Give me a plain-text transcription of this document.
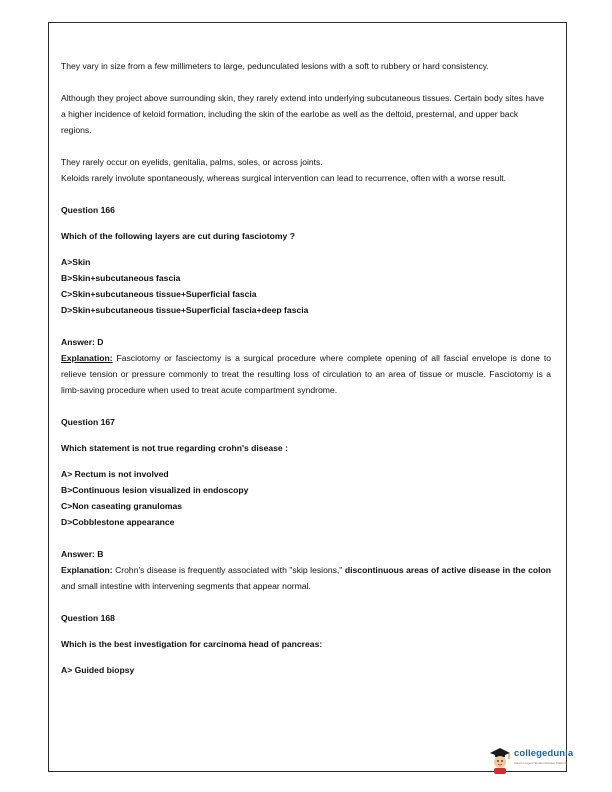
They vary in size from a few millimeters to large, pedunculated lesions with a soft to rubbery or hard consistency.

Although they project above surrounding skin, they rarely extend into underlying subcutaneous tissues. Certain body sites have a higher incidence of keloid formation, including the skin of the earlobe as well as the deltoid, presternal, and upper back regions.

They rarely occur on eyelids, genitalia, palms, soles, or across joints.

Keloids rarely involute spontaneously, whereas surgical intervention can lead to recurrence, often with a worse result.

Question 166

Which of the following layers are cut during fasciotomy ?

A>Skin

B>Skin+subcutaneous fascia

C>Skin+subcutaneous tissue+Superficial fascia

D>Skin+subcutaneous tissue+Superficial fascia+deep fascia

Answer: D

Explanation: Fasciotomy or fasciectomy is a surgical procedure where complete opening of all fascial envelope is done to relieve tension or pressure commonly to treat the resulting loss of circulation to an area of tissue or muscle. Fasciotomy is a limb-saving procedure when used to treat acute compartment syndrome.

Question 167

Which statement is not true regarding crohn's disease :

A> Rectum is not involved

B>Continuous lesion visualized in endoscopy

C>Non caseating granulomas

D>Cobblestone appearance

Answer: B

Explanation: Crohn's disease is frequently associated with "skip lesions," discontinuous areas of active disease in the colon and small intestine with intervening segments that appear normal.

Question 168

Which is the best investigation for carcinoma head of pancreas:

A> Guided biopsy

collegedunia
India's Largest Student Review Platform
